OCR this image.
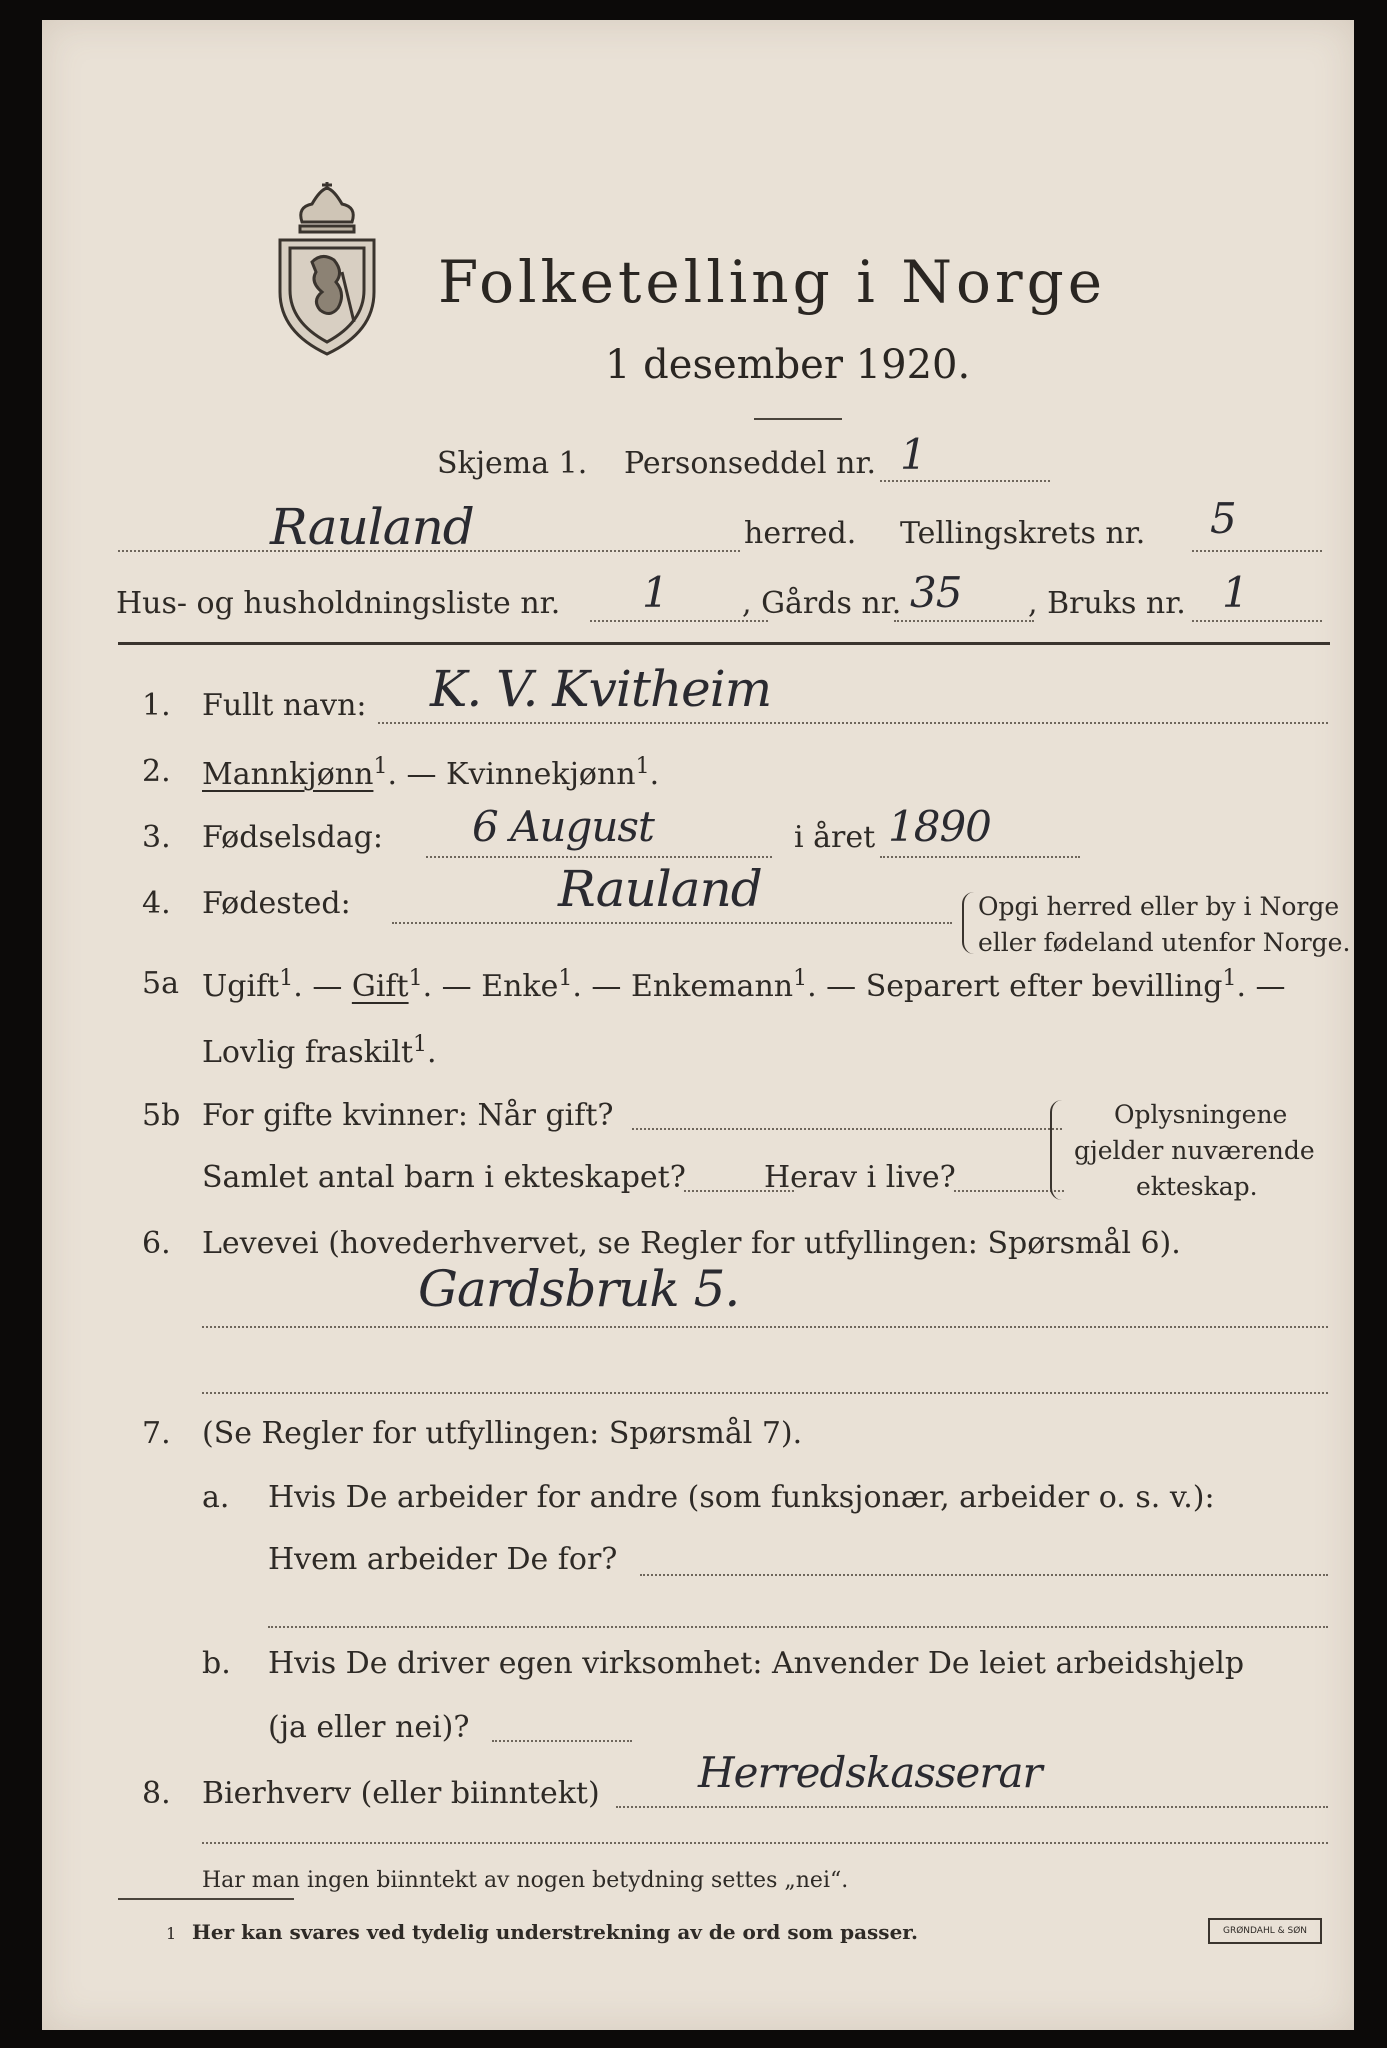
Folketelling i Norge
1 desember 1920.
Skjema 1. Personseddel nr. 1
Rauland	herred. Tellingskrets nr. 5
Hus- og husholdningsliste nr. 1 , Gårds nr. 35 , Bruks nr. 1
1. Fullt navn: K. V. Kvitheim
2. Mannkjønn$^1$. — Kvinnekjønn$^1$.
3. Fødselsdag: 6 August	i året 1890
4. Fødested:	Rauland	Opgi herred eller by i Norge
eller fødeland utenfor Norge.
5a Ugift$^1$. — Gift$^1$. — Enke$^1$. — Enkemann$^1$. — Separert efter bevilling$^1$. —
Lovlig fraskilt$^1$.
5b For gifte kvinner: Når gift?
Samlet antal barn i ekteskapet?	Herav i live?
Oplysningene
gjelder nuværende
ekteskap.
6. Levevei (hovederhvervet, se Regler for utfyllingen: Spørsmål 6).
Gardsbruk 5.
7. (Se Regler for utfyllingen: Spørsmål 7).
a. Hvis De arbeider for andre (som funksjonær, arbeider o. s. v.):
Hvem arbeider De for?
b. Hvis De driver egen virksomhet: Anvender De leiet arbeidshjelp
(ja eller nei)?
8. Bierhverv (eller biinntekt) Herredskasserar
Har man ingen biinntekt av nogen betydning settes „nei“.
1 Her kan svares ved tydelig understrekning av de ord som passer.	GRØNDAHL & SØN
